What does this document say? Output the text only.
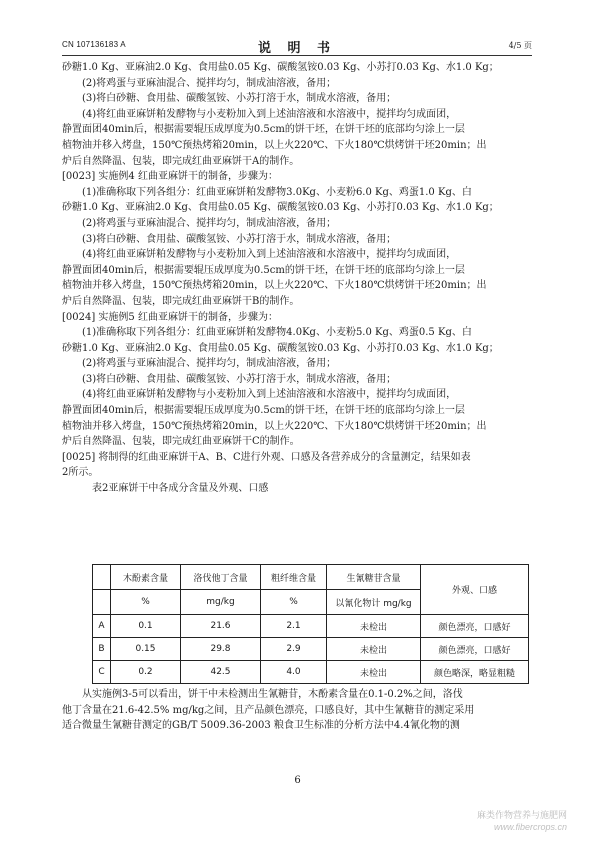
CN 107136183 A	说 明 书	4/5 页

砂糖1.0 Kg、亚麻油2.0 Kg、食用盐0.05 Kg、碳酸氢铵0.03 Kg、小苏打0.03 Kg、水1.0 Kg；

(2)将鸡蛋与亚麻油混合、搅拌均匀，制成油溶液，备用；

(3)将白砂糖、食用盐、碳酸氢铵、小苏打溶于水，制成水溶液，备用；

(4)将红曲亚麻饼粕发酵物与小麦粉加入到上述油溶液和水溶液中，搅拌均匀成面团，

静置面团40min后，根据需要辊压成厚度为0.5cm的饼干坯，在饼干坯的底部均匀涂上一层

植物油并移入烤盘，150℃预热烤箱20min，以上火220℃、下火180℃烘烤饼干坯20min；出

炉后自然降温、包装，即完成红曲亚麻饼干A的制作。

[0023] 实施例4 红曲亚麻饼干的制备，步骤为：

(1)准确称取下列各组分：红曲亚麻饼粕发酵物3.0Kg、小麦粉6.0 Kg、鸡蛋1.0 Kg、白

砂糖1.0 Kg、亚麻油2.0 Kg、食用盐0.05 Kg、碳酸氢铵0.03 Kg、小苏打0.03 Kg、水1.0 Kg；

(2)将鸡蛋与亚麻油混合、搅拌均匀，制成油溶液，备用；

(3)将白砂糖、食用盐、碳酸氢铵、小苏打溶于水，制成水溶液，备用；

(4)将红曲亚麻饼粕发酵物与小麦粉加入到上述油溶液和水溶液中，搅拌均匀成面团，

静置面团40min后，根据需要辊压成厚度为0.5cm的饼干坯，在饼干坯的底部均匀涂上一层

植物油并移入烤盘，150℃预热烤箱20min，以上火220℃、下火180℃烘烤饼干坯20min；出

炉后自然降温、包装，即完成红曲亚麻饼干B的制作。

[0024] 实施例5 红曲亚麻饼干的制备，步骤为：

(1)准确称取下列各组分：红曲亚麻饼粕发酵物4.0Kg、小麦粉5.0 Kg、鸡蛋0.5 Kg、白

砂糖1.0 Kg、亚麻油2.0 Kg、食用盐0.05 Kg、碳酸氢铵0.03 Kg、小苏打0.03 Kg、水1.0 Kg；

(2)将鸡蛋与亚麻油混合、搅拌均匀，制成油溶液，备用；

(3)将白砂糖、食用盐、碳酸氢铵、小苏打溶于水，制成水溶液，备用；

(4)将红曲亚麻饼粕发酵物与小麦粉加入到上述油溶液和水溶液中，搅拌均匀成面团，

静置面团40min后，根据需要辊压成厚度为0.5cm的饼干坯，在饼干坯的底部均匀涂上一层

植物油并移入烤盘，150℃预热烤箱20min，以上火220℃、下火180℃烘烤饼干坯20min；出

炉后自然降温、包装，即完成红曲亚麻饼干C的制作。

[0025] 将制得的红曲亚麻饼干A、B、C进行外观、口感及各营养成分的含量测定，结果如表

2所示。

表2亚麻饼干中各成分含量及外观、口感

	木酚素含量	洛伐他丁含量	粗纤维含量	生氰糖苷含量	外观、口感
	%	mg/kg	%	以氰化物计 mg/kg	
A	0.1	21.6	2.1	未检出	颜色漂亮，口感好
B	0.15	29.8	2.9	未检出	颜色漂亮，口感好
C	0.2	42.5	4.0	未检出	颜色略深，略显粗糙

从实施例3-5可以看出，饼干中未检测出生氰糖苷，木酚素含量在0.1-0.2%之间，洛伐

他丁含量在21.6-42.5% mg/kg之间，且产品颜色漂亮，口感良好，其中生氰糖苷的测定采用

适合微量生氰糖苷测定的GB/T 5009.36-2003 粮食卫生标准的分析方法中4.4氰化物的测

6
麻类作物营养与施肥网
www.fibercrops.cn
